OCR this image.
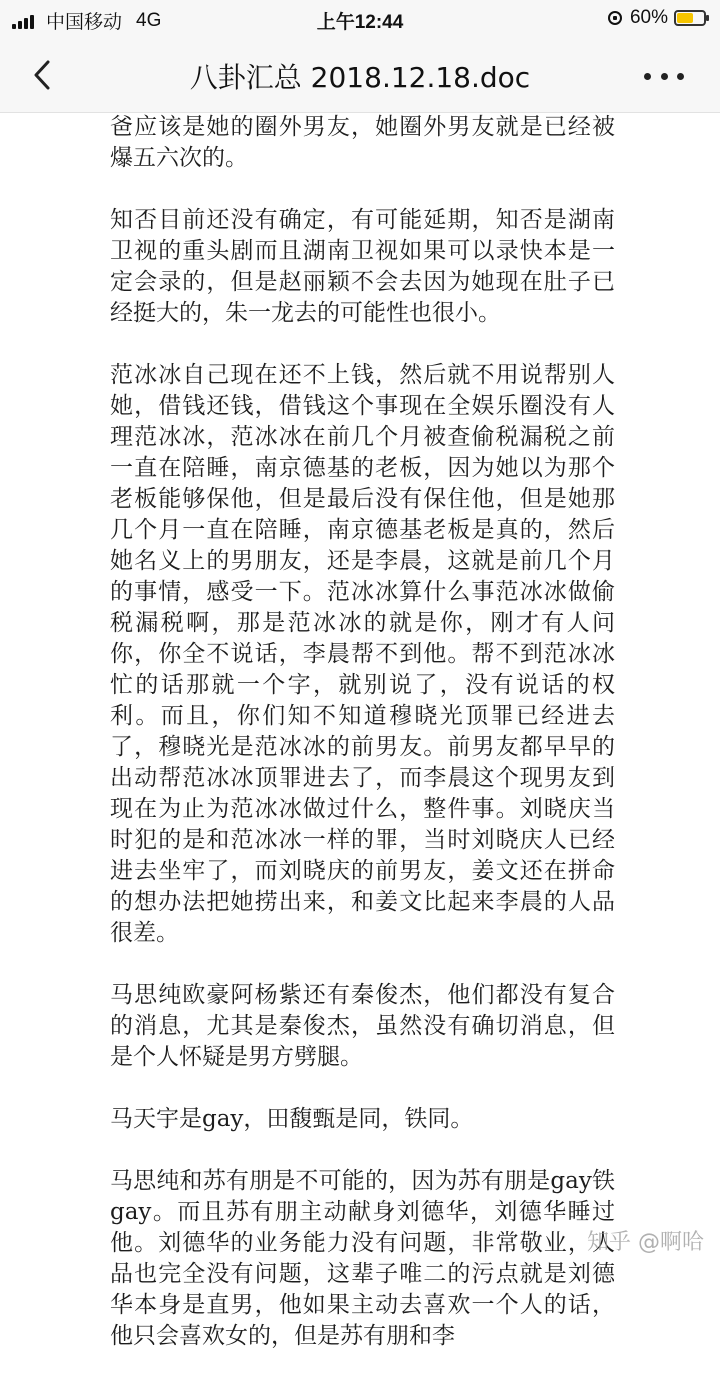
中国移动 4G	上午12:44	60%
八卦汇总 2018.12.18.doc

爸应该是她的圈外男友，她圈外男友就是已经被爆五六次的。

知否目前还没有确定，有可能延期，知否是湖南卫视的重头剧而且湖南卫视如果可以录快本是一定会录的，但是赵丽颖不会去因为她现在肚子已经挺大的，朱一龙去的可能性也很小。

范冰冰自己现在还不上钱，然后就不用说帮别人她，借钱还钱，借钱这个事现在全娱乐圈没有人理范冰冰，范冰冰在前几个月被查偷税漏税之前一直在陪睡，南京德基的老板，因为她以为那个老板能够保他，但是最后没有保住他，但是她那几个月一直在陪睡，南京德基老板是真的，然后她名义上的男朋友，还是李晨，这就是前几个月的事情，感受一下。范冰冰算什么事范冰冰做偷税漏税啊，那是范冰冰的就是你，刚才有人问你，你全不说话，李晨帮不到他。帮不到范冰冰忙的话那就一个字，就别说了，没有说话的权利。而且，你们知不知道穆晓光顶罪已经进去了，穆晓光是范冰冰的前男友。前男友都早早的出动帮范冰冰顶罪进去了，而李晨这个现男友到现在为止为范冰冰做过什么，整件事。刘晓庆当时犯的是和范冰冰一样的罪，当时刘晓庆人已经进去坐牢了，而刘晓庆的前男友，姜文还在拼命的想办法把她捞出来，和姜文比起来李晨的人品很差。

马思纯欧豪阿杨紫还有秦俊杰，他们都没有复合的消息，尤其是秦俊杰，虽然没有确切消息，但是个人怀疑是男方劈腿。

马天宇是gay，田馥甄是同，铁同。

马思纯和苏有朋是不可能的，因为苏有朋是gay铁gay。而且苏有朋主动献身刘德华，刘德华睡过他。刘德华的业务能力没有问题，非常敬业，人品也完全没有问题，这辈子唯二的污点就是刘德华本身是直男，他如果主动去喜欢一个人的话，他只会喜欢女的，但是苏有朋和李

知乎 @啊哈
